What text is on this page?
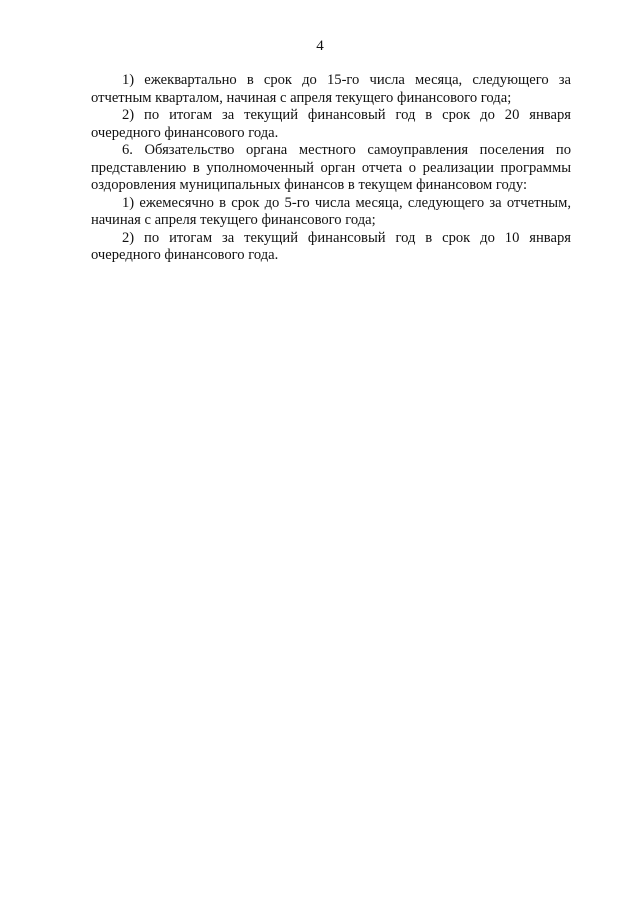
4

1) ежеквартально в срок до 15-го числа месяца, следующего за отчетным кварталом, начиная с апреля текущего финансового года;

2) по итогам за текущий финансовый год в срок до 20 января очередного финансового года.

6. Обязательство органа местного самоуправления поселения по представлению в уполномоченный орган отчета о реализации программы оздоровления муниципальных финансов в текущем финансовом году:

1) ежемесячно в срок до 5-го числа месяца, следующего за отчетным, начиная с апреля текущего финансового года;

2) по итогам за текущий финансовый год в срок до 10 января очередного финансового года.
